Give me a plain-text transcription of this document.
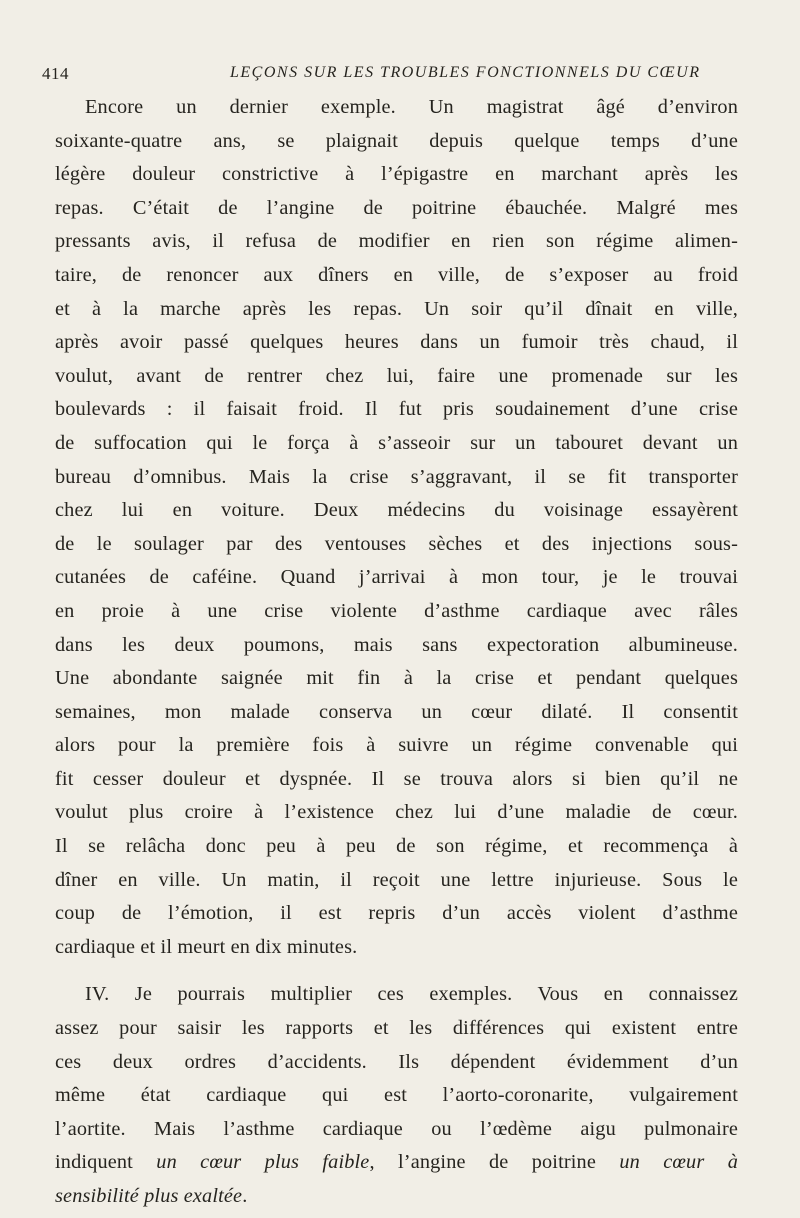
414	LEÇONS SUR LES TROUBLES FONCTIONNELS DU CŒUR
Encore un dernier exemple. Un magistrat âgé d’environ
soixante-quatre ans, se plaignait depuis quelque temps d’une
légère douleur constrictive à l’épigastre en marchant après les
repas. C’était de l’angine de poitrine ébauchée. Malgré mes
pressants avis, il refusa de modifier en rien son régime alimen-
taire, de renoncer aux dîners en ville, de s’exposer au froid
et à la marche après les repas. Un soir qu’il dînait en ville,
après avoir passé quelques heures dans un fumoir très chaud, il
voulut, avant de rentrer chez lui, faire une promenade sur les
boulevards : il faisait froid. Il fut pris soudainement d’une crise
de suffocation qui le força à s’asseoir sur un tabouret devant un
bureau d’omnibus. Mais la crise s’aggravant, il se fit transporter
chez lui en voiture. Deux médecins du voisinage essayèrent
de le soulager par des ventouses sèches et des injections sous-
cutanées de caféine. Quand j’arrivai à mon tour, je le trouvai
en proie à une crise violente d’asthme cardiaque avec râles
dans les deux poumons, mais sans expectoration albumineuse.
Une abondante saignée mit fin à la crise et pendant quelques
semaines, mon malade conserva un cœur dilaté. Il consentit
alors pour la première fois à suivre un régime convenable qui
fit cesser douleur et dyspnée. Il se trouva alors si bien qu’il ne
voulut plus croire à l’existence chez lui d’une maladie de cœur.
Il se relâcha donc peu à peu de son régime, et recommença à
dîner en ville. Un matin, il reçoit une lettre injurieuse. Sous le
coup de l’émotion, il est repris d’un accès violent d’asthme
cardiaque et il meurt en dix minutes.
IV. Je pourrais multiplier ces exemples. Vous en connaissez
assez pour saisir les rapports et les différences qui existent entre
ces deux ordres d’accidents. Ils dépendent évidemment d’un
même état cardiaque qui est l’aorto-coronarite, vulgairement
l’aortite. Mais l’asthme cardiaque ou l’œdème aigu pulmonaire
indiquent un cœur plus faible, l’angine de poitrine un cœur à
sensibilité plus exaltée.
